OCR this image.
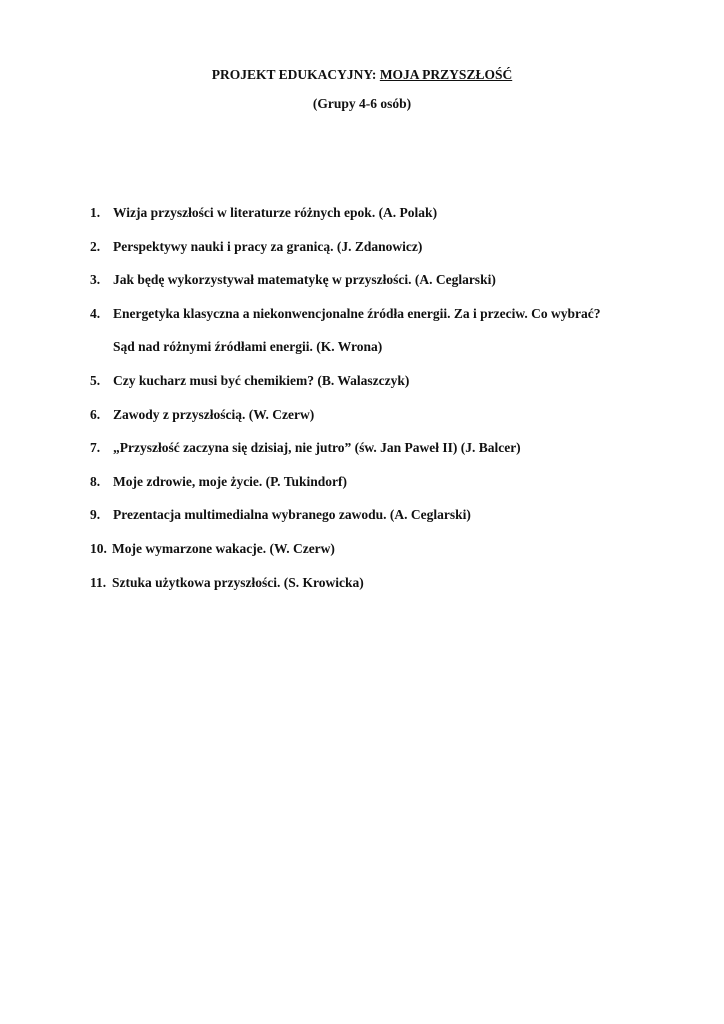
PROJEKT EDUKACYJNY: MOJA PRZYSZŁOŚĆ
(Grupy 4-6 osób)
1. Wizja przyszłości w literaturze różnych epok. (A. Polak)
2. Perspektywy nauki i pracy za granicą. (J. Zdanowicz)
3. Jak będę wykorzystywał matematykę w przyszłości. (A. Ceglarski)
4. Energetyka klasyczna a niekonwencjonalne źródła energii. Za i przeciw. Co wybrać?
Sąd nad różnymi źródłami energii. (K. Wrona)
5. Czy kucharz musi być chemikiem? (B. Walaszczyk)
6. Zawody z przyszłością. (W. Czerw)
7. „Przyszłość zaczyna się dzisiaj, nie jutro” (św. Jan Paweł II) (J. Balcer)
8. Moje zdrowie, moje życie. (P. Tukindorf)
9. Prezentacja multimedialna wybranego zawodu. (A. Ceglarski)
10. Moje wymarzone wakacje. (W. Czerw)
11. Sztuka użytkowa przyszłości. (S. Krowicka)
